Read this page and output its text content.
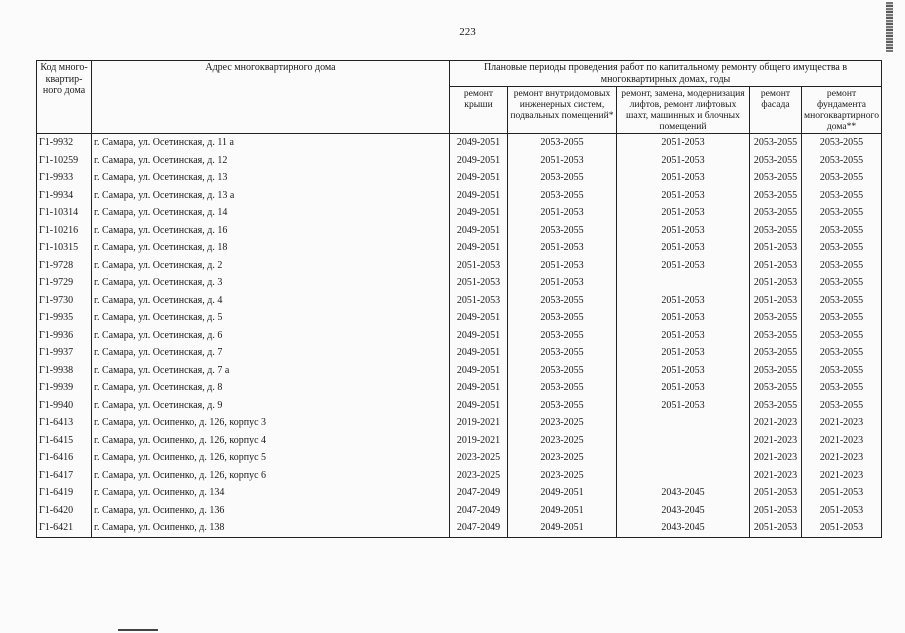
223
Код много-квартир-ного дома	Адрес многоквартирного дома	Плановые периоды проведения работ по капитальному ремонту общего имущества в многоквартирных домах, годы				
		ремонт крыши	ремонт внутридомовых инженерных систем, подвальных помещений*	ремонт, замена, модернизация лифтов, ремонт лифтовых шахт, машинных и блочных помещений	ремонт фасада	ремонт фундамента многоквартирного дома**
Г1-9932	г. Самара, ул. Осетинская, д. 11 а	2049-2051	2053-2055	2051-2053	2053-2055	2053-2055
Г1-10259	г. Самара, ул. Осетинская, д. 12	2049-2051	2051-2053	2051-2053	2053-2055	2053-2055
Г1-9933	г. Самара, ул. Осетинская, д. 13	2049-2051	2053-2055	2051-2053	2053-2055	2053-2055
Г1-9934	г. Самара, ул. Осетинская, д. 13 а	2049-2051	2053-2055	2051-2053	2053-2055	2053-2055
Г1-10314	г. Самара, ул. Осетинская, д. 14	2049-2051	2051-2053	2051-2053	2053-2055	2053-2055
Г1-10216	г. Самара, ул. Осетинская, д. 16	2049-2051	2053-2055	2051-2053	2053-2055	2053-2055
Г1-10315	г. Самара, ул. Осетинская, д. 18	2049-2051	2051-2053	2051-2053	2051-2053	2053-2055
Г1-9728	г. Самара, ул. Осетинская, д. 2	2051-2053	2051-2053	2051-2053	2051-2053	2053-2055
Г1-9729	г. Самара, ул. Осетинская, д. 3	2051-2053	2051-2053		2051-2053	2053-2055
Г1-9730	г. Самара, ул. Осетинская, д. 4	2051-2053	2053-2055	2051-2053	2051-2053	2053-2055
Г1-9935	г. Самара, ул. Осетинская, д. 5	2049-2051	2053-2055	2051-2053	2053-2055	2053-2055
Г1-9936	г. Самара, ул. Осетинская, д. 6	2049-2051	2053-2055	2051-2053	2053-2055	2053-2055
Г1-9937	г. Самара, ул. Осетинская, д. 7	2049-2051	2053-2055	2051-2053	2053-2055	2053-2055
Г1-9938	г. Самара, ул. Осетинская, д. 7 а	2049-2051	2053-2055	2051-2053	2053-2055	2053-2055
Г1-9939	г. Самара, ул. Осетинская, д. 8	2049-2051	2053-2055	2051-2053	2053-2055	2053-2055
Г1-9940	г. Самара, ул. Осетинская, д. 9	2049-2051	2053-2055	2051-2053	2053-2055	2053-2055
Г1-6413	г. Самара, ул. Осипенко, д. 126, корпус 3	2019-2021	2023-2025		2021-2023	2021-2023
Г1-6415	г. Самара, ул. Осипенко, д. 126, корпус 4	2019-2021	2023-2025		2021-2023	2021-2023
Г1-6416	г. Самара, ул. Осипенко, д. 126, корпус 5	2023-2025	2023-2025		2021-2023	2021-2023
Г1-6417	г. Самара, ул. Осипенко, д. 126, корпус 6	2023-2025	2023-2025		2021-2023	2021-2023
Г1-6419	г. Самара, ул. Осипенко, д. 134	2047-2049	2049-2051	2043-2045	2051-2053	2051-2053
Г1-6420	г. Самара, ул. Осипенко, д. 136	2047-2049	2049-2051	2043-2045	2051-2053	2051-2053
Г1-6421	г. Самара, ул. Осипенко, д. 138	2047-2049	2049-2051	2043-2045	2051-2053	2051-2053
